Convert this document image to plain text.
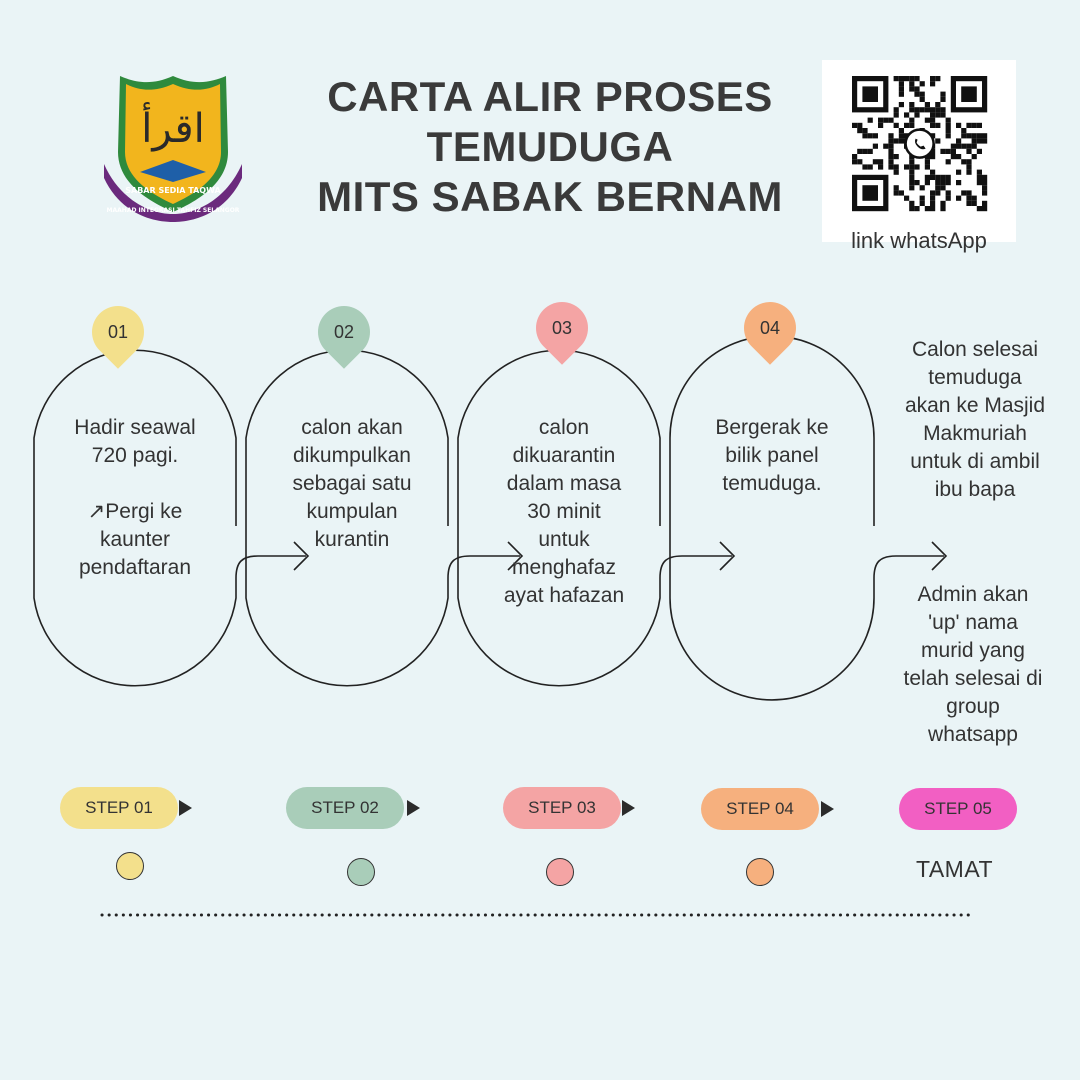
اقرأ
SABAR SEDIA TAQWA
MAAHAD INTEGRASI TAHFIZ SELANGOR
CARTA ALIR PROSES
TEMUDUGA
MITS SABAK BERNAM
link whatsApp
01	02	03	04
Hadir seawal
720 pagi.

↗Pergi ke
kaunter
pendaftaran
calon akan
dikumpulkan
sebagai satu
kumpulan
kurantin
calon
dikuarantin
dalam masa
30 minit
untuk
menghafaz
ayat hafazan
Bergerak ke
bilik panel
temuduga.
Calon selesai
temuduga
akan ke Masjid
Makmuriah
untuk di ambil
ibu bapa
Admin akan
'up' nama
murid yang
telah selesai di
group
whatsapp
STEP 01	STEP 02	STEP 03	STEP 04	STEP 05
TAMAT
